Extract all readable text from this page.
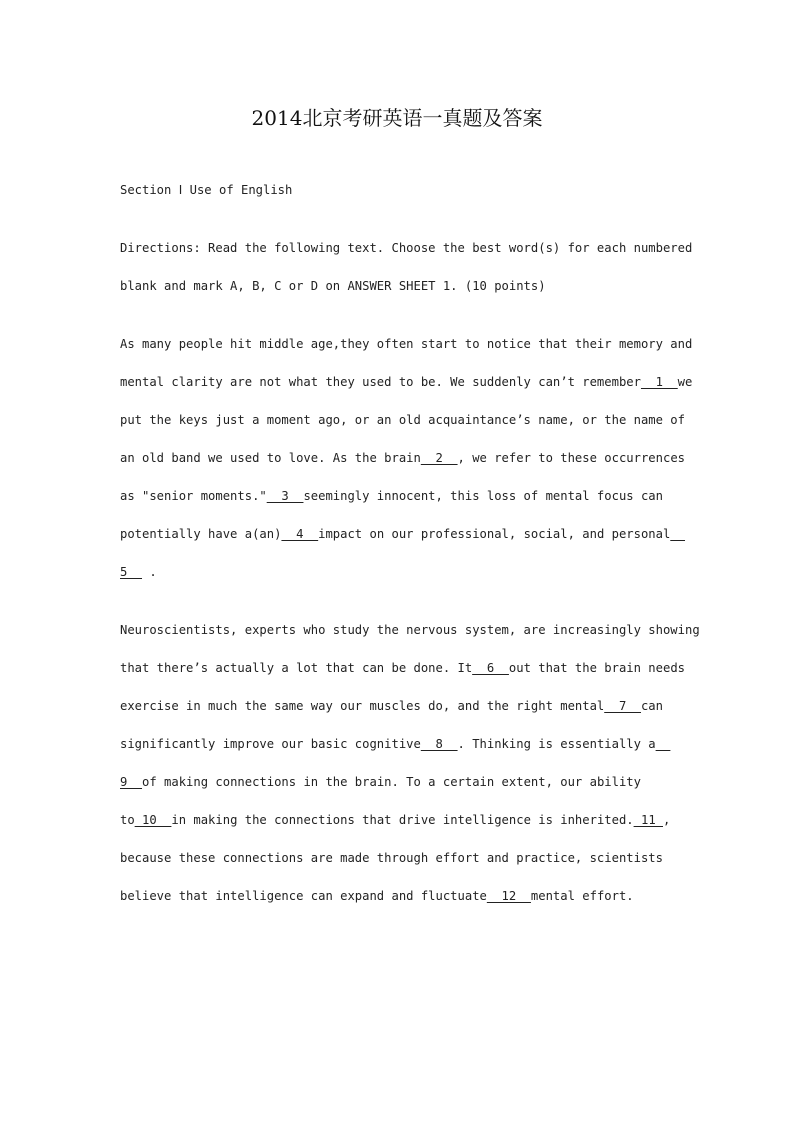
2014北京考研英语一真题及答案
Section Ⅰ Use of English
Directions: Read the following text. Choose the best word(s) for each numbered
blank and mark A, B, C or D on ANSWER SHEET 1. (10 points)
As many people hit middle age,they often start to notice that their memory and
mental clarity are not what they used to be. We suddenly can’t remember__1__we
put the keys just a moment ago, or an old acquaintance’s name, or the name of
an old band we used to love. As the brain__2__, we refer to these occurrences
as "senior moments."__3__seemingly innocent, this loss of mental focus can
potentially have a(an)__4__impact on our professional, social, and personal__
5__ .
Neuroscientists, experts who study the nervous system, are increasingly showing
that there’s actually a lot that can be done. It__6__out that the brain needs
exercise in much the same way our muscles do, and the right mental__7__can
significantly improve our basic cognitive__8__. Thinking is essentially a__
9__of making connections in the brain. To a certain extent, our ability
to_10__in making the connections that drive intelligence is inherited._11_,
because these connections are made through effort and practice, scientists
believe that intelligence can expand and fluctuate__12__mental effort.
